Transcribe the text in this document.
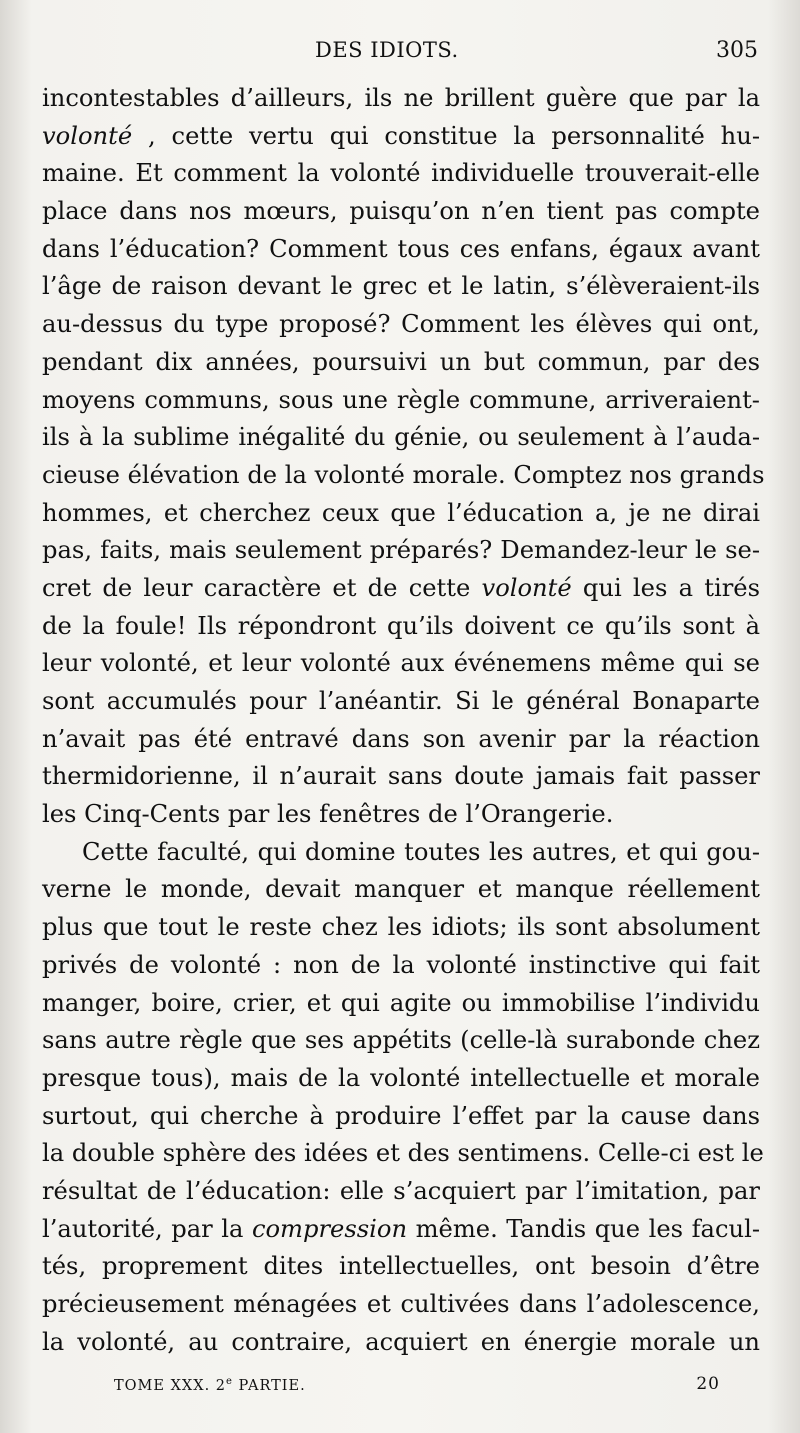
DES IDIOTS.	305
incontestables d’ailleurs, ils ne brillent guère que par la
volonté , cette vertu qui constitue la personnalité hu-
maine. Et comment la volonté individuelle trouverait-elle
place dans nos mœurs, puisqu’on n’en tient pas compte
dans l’éducation? Comment tous ces enfans, égaux avant
l’âge de raison devant le grec et le latin, s’élèveraient-ils
au-dessus du type proposé? Comment les élèves qui ont,
pendant dix années, poursuivi un but commun, par des
moyens communs, sous une règle commune, arriveraient-
ils à la sublime inégalité du génie, ou seulement à l’auda-
cieuse élévation de la volonté morale. Comptez nos grands
hommes, et cherchez ceux que l’éducation a, je ne dirai
pas, faits, mais seulement préparés? Demandez-leur le se-
cret de leur caractère et de cette volonté qui les a tirés
de la foule! Ils répondront qu’ils doivent ce qu’ils sont à
leur volonté, et leur volonté aux événemens même qui se
sont accumulés pour l’anéantir. Si le général Bonaparte
n’avait pas été entravé dans son avenir par la réaction
thermidorienne, il n’aurait sans doute jamais fait passer
les Cinq-Cents par les fenêtres de l’Orangerie.
Cette faculté, qui domine toutes les autres, et qui gou-
verne le monde, devait manquer et manque réellement
plus que tout le reste chez les idiots; ils sont absolument
privés de volonté : non de la volonté instinctive qui fait
manger, boire, crier, et qui agite ou immobilise l’individu
sans autre règle que ses appétits (celle-là surabonde chez
presque tous), mais de la volonté intellectuelle et morale
surtout, qui cherche à produire l’effet par la cause dans
la double sphère des idées et des sentimens. Celle-ci est le
résultat de l’éducation: elle s’acquiert par l’imitation, par
l’autorité, par la compression même. Tandis que les facul-
tés, proprement dites intellectuelles, ont besoin d’être
précieusement ménagées et cultivées dans l’adolescence,
la volonté, au contraire, acquiert en énergie morale un
TOME XXX. 2e PARTIE.	20
